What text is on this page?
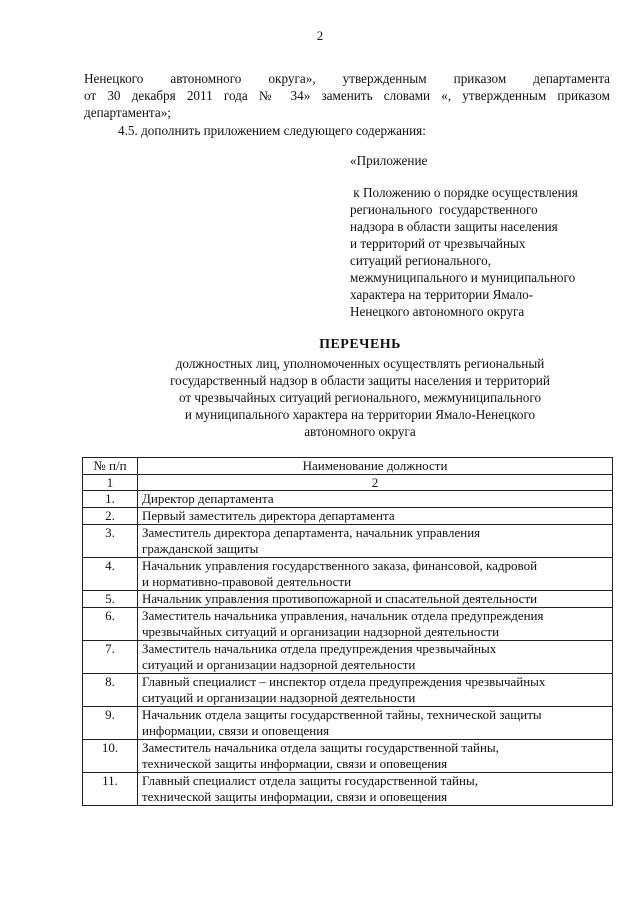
2
Ненецкого автономного округа», утвержденным приказом департамента
от 30 декабря 2011 года № 34» заменить словами «, утвержденным приказом
департамента»;
4.5. дополнить приложением следующего содержания:
«Приложение
к Положению о порядке осуществления
регионального  государственного
надзора в области защиты населения
и территорий от чрезвычайных
ситуаций регионального,
межмуниципального и муниципального
характера на территории Ямало-
Ненецкого автономного округа
ПЕРЕЧЕНЬ
должностных лиц, уполномоченных осуществлять региональный
государственный надзор в области защиты населения и территорий
от чрезвычайных ситуаций регионального, межмуниципального
и муниципального характера на территории Ямало-Ненецкого
автономного округа
№ п/п	Наименование должности
1	2
1.	Директор департамента

2.	Первый заместитель директора департамента

3.	Заместитель директора департамента, начальник управления
гражданской защиты

4.	Начальник управления государственного заказа, финансовой, кадровой
и нормативно-правовой деятельности

5.	Начальник управления противопожарной и спасательной деятельности

6.	Заместитель начальника управления, начальник отдела предупреждения
чрезвычайных ситуаций и организации надзорной деятельности

7.	Заместитель начальника отдела предупреждения чрезвычайных
ситуаций и организации надзорной деятельности

8.	Главный специалист – инспектор отдела предупреждения чрезвычайных
ситуаций и организации надзорной деятельности

9.	Начальник отдела защиты государственной тайны, технической защиты
информации, связи и оповещения

10.	Заместитель начальника отдела защиты государственной тайны,
технической защиты информации, связи и оповещения

11.	Главный специалист отдела защиты государственной тайны,
технической защиты информации, связи и оповещения
